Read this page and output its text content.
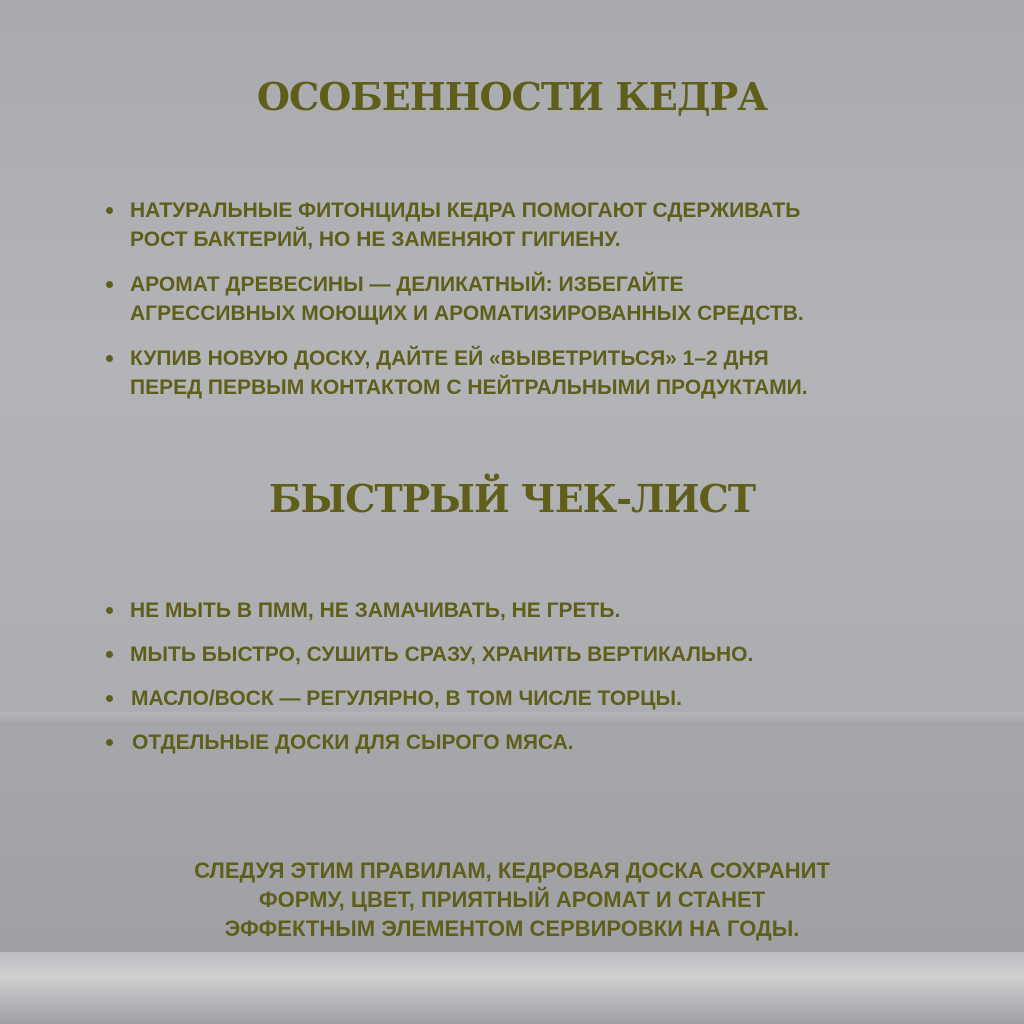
ОСОБЕННОСТИ КЕДРА
НАТУРАЛЬНЫЕ ФИТОНЦИДЫ КЕДРА ПОМОГАЮТ СДЕРЖИВАТЬ
РОСТ БАКТЕРИЙ, НО НЕ ЗАМЕНЯЮТ ГИГИЕНУ.
АРОМАТ ДРЕВЕСИНЫ — ДЕЛИКАТНЫЙ: ИЗБЕГАЙТЕ
АГРЕССИВНЫХ МОЮЩИХ И АРОМАТИЗИРОВАННЫХ СРЕДСТВ.
КУПИВ НОВУЮ ДОСКУ, ДАЙТЕ ЕЙ «ВЫВЕТРИТЬСЯ» 1–2 ДНЯ
ПЕРЕД ПЕРВЫМ КОНТАКТОМ С НЕЙТРАЛЬНЫМИ ПРОДУКТАМИ.
БЫСТРЫЙ ЧЕК-ЛИСТ
НЕ МЫТЬ В ПММ, НЕ ЗАМАЧИВАТЬ, НЕ ГРЕТЬ.
МЫТЬ БЫСТРО, СУШИТЬ СРАЗУ, ХРАНИТЬ ВЕРТИКАЛЬНО.
МАСЛО/ВОСК — РЕГУЛЯРНО, В ТОМ ЧИСЛЕ ТОРЦЫ.
ОТДЕЛЬНЫЕ ДОСКИ ДЛЯ СЫРОГО МЯСА.
СЛЕДУЯ ЭТИМ ПРАВИЛАМ, КЕДРОВАЯ ДОСКА СОХРАНИТ
ФОРМУ, ЦВЕТ, ПРИЯТНЫЙ АРОМАТ И СТАНЕТ
ЭФФЕКТНЫМ ЭЛЕМЕНТОМ СЕРВИРОВКИ НА ГОДЫ.
